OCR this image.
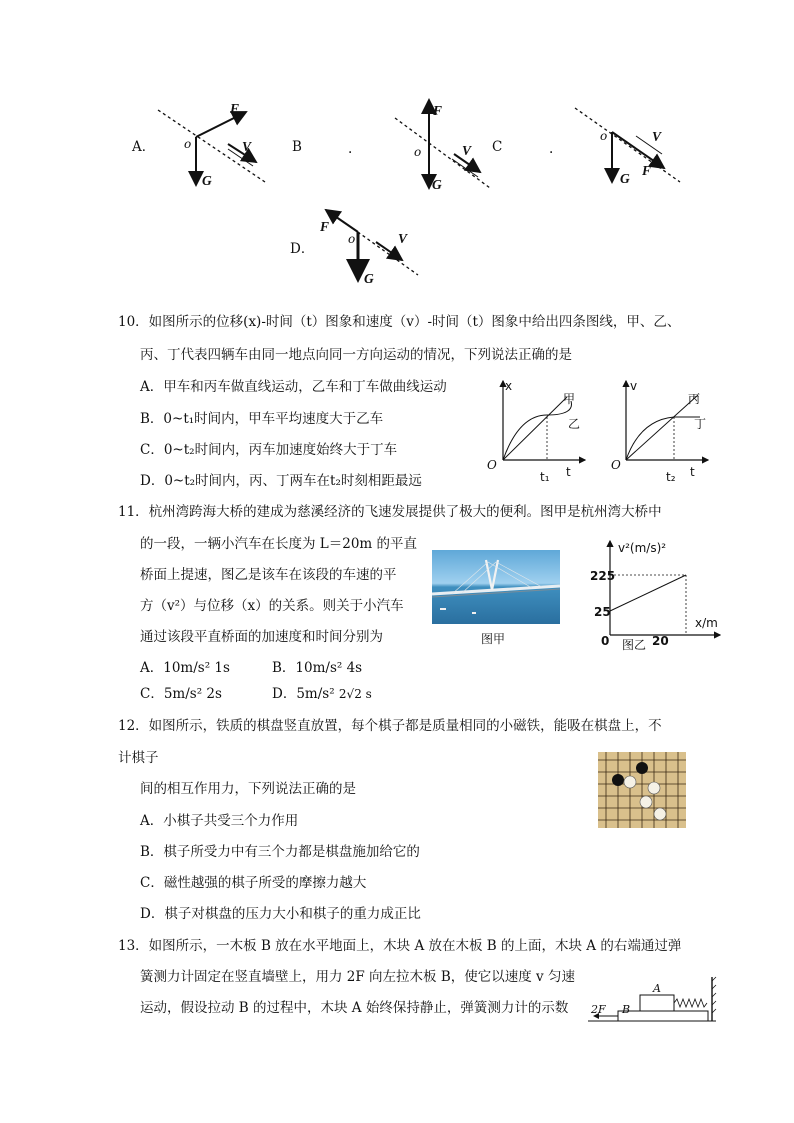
A．
F
V
G
o	B	.
F
V
G
o	C	.
V
F
G
o
D．
F
V
G
o
10．如图所示的位移(x)-时间（t）图象和速度（v）-时间（t）图象中给出四条图线，甲、乙、
丙、丁代表四辆车由同一地点向同一方向运动的情况，下列说法正确的是
A．甲车和丙车做直线运动，乙车和丁车做曲线运动
B．0~t₁时间内，甲车平均速度大于乙车
C．0~t₂时间内，丙车加速度始终大于丁车
D．0~t₂时间内，丙、丁两车在t₂时刻相距最远
x
t
O
t₁
甲
乙
v
t
O
t₂
丙
丁
11．杭州湾跨海大桥的建成为慈溪经济的飞速发展提供了极大的便利。图甲是杭州湾大桥中
的一段，一辆小汽车在长度为 L＝20m 的平直
桥面上提速，图乙是该车在该段的车速的平
方（v²）与位移（x）的关系。则关于小汽车
通过该段平直桥面的加速度和时间分别为	图甲
v²(m/s)²
x/m
225
25
0	20
图乙
A．10m/s² 1s	B．10m/s² 4s
C．5m/s² 2s	D．5m/s² 2√2 s
12．如图所示，铁质的棋盘竖直放置，每个棋子都是质量相同的小磁铁，能吸在棋盘上，不
计棋子
间的相互作用力，下列说法正确的是
A．小棋子共受三个力作用
B．棋子所受力中有三个力都是棋盘施加给它的
C．磁性越强的棋子所受的摩擦力越大
D．棋子对棋盘的压力大小和棋子的重力成正比
13．如图所示，一木板 B 放在水平地面上，木块 A 放在木板 B 的上面，木块 A 的右端通过弹
簧测力计固定在竖直墙壁上，用力 2F 向左拉木板 B，使它以速度 v 匀速
运动，假设拉动 B 的过程中，木块 A 始终保持静止，弹簧测力计的示数 2F B
A
